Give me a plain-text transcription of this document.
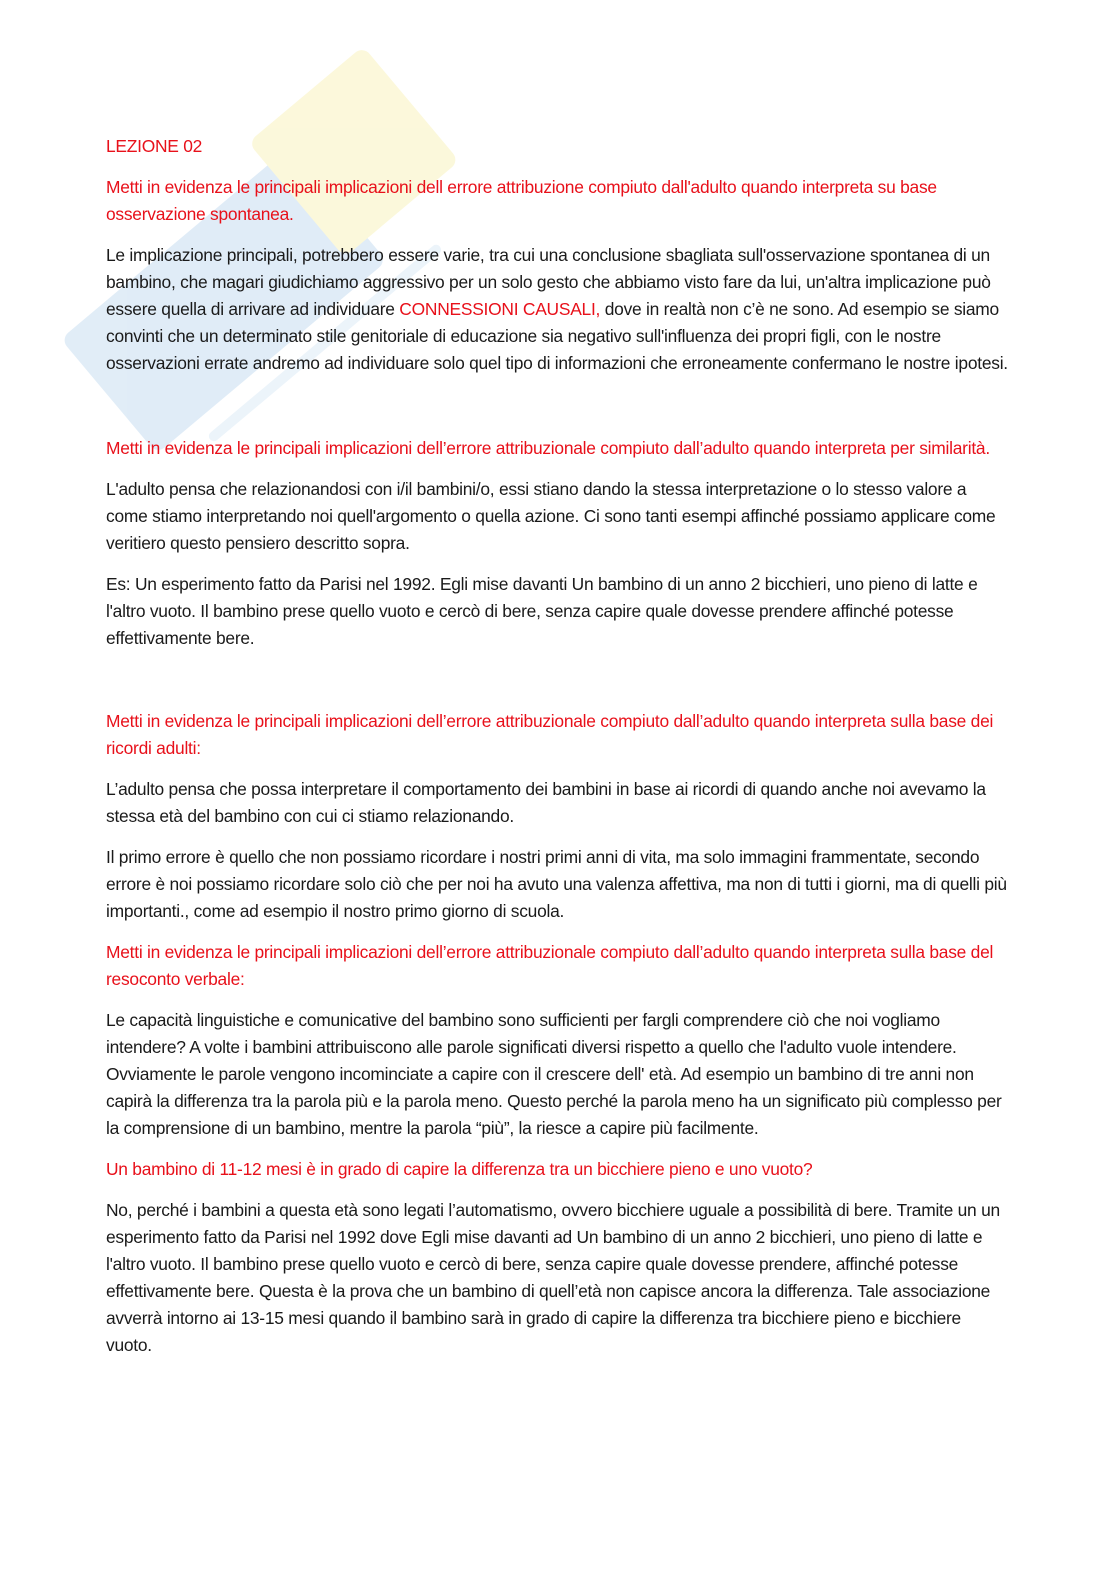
LEZIONE 02

Metti in evidenza le principali implicazioni dell errore attribuzione compiuto dall'adulto quando interpreta su base osservazione spontanea.

Le implicazione principali, potrebbero essere varie, tra cui una conclusione sbagliata sull'osservazione spontanea di un bambino, che magari giudichiamo aggressivo per un solo gesto che abbiamo visto fare da lui, un'altra implicazione può essere quella di arrivare ad individuare CONNESSIONI CAUSALI, dove in realtà non c’è ne sono. Ad esempio se siamo convinti che un determinato stile genitoriale di educazione sia negativo sull'influenza dei propri figli, con le nostre osservazioni errate andremo ad individuare solo quel tipo di informazioni che erroneamente confermano le nostre ipotesi.

Metti in evidenza le principali implicazioni dell’errore attribuzionale compiuto dall’adulto quando interpreta per similarità.

L'adulto pensa che relazionandosi con i/il bambini/o, essi stiano dando la stessa interpretazione o lo stesso valore a come stiamo interpretando noi quell'argomento o quella azione. Ci sono tanti esempi affinché possiamo applicare come veritiero questo pensiero descritto sopra.

Es: Un esperimento fatto da Parisi nel 1992. Egli mise davanti Un bambino di un anno 2 bicchieri, uno pieno di latte e l'altro vuoto. Il bambino prese quello vuoto e cercò di bere, senza capire quale dovesse prendere affinché potesse effettivamente bere.

Metti in evidenza le principali implicazioni dell’errore attribuzionale compiuto dall’adulto quando interpreta sulla base dei ricordi adulti:

L’adulto pensa che possa interpretare il comportamento dei bambini in base ai ricordi di quando anche noi avevamo la stessa età del bambino con cui ci stiamo relazionando.

Il primo errore è quello che non possiamo ricordare i nostri primi anni di vita, ma solo immagini frammentate, secondo errore è noi possiamo ricordare solo ciò che per noi ha avuto una valenza affettiva, ma non di tutti i giorni, ma di quelli più importanti., come ad esempio il nostro primo giorno di scuola.

Metti in evidenza le principali implicazioni dell’errore attribuzionale compiuto dall’adulto quando interpreta sulla base del resoconto verbale:

Le capacità linguistiche e comunicative del bambino sono sufficienti per fargli comprendere ciò che noi vogliamo intendere? A volte i bambini attribuiscono alle parole significati diversi rispetto a quello che l'adulto vuole intendere. Ovviamente le parole vengono incominciate a capire con il crescere dell' età. Ad esempio un bambino di tre anni non capirà la differenza tra la parola più e la parola meno. Questo perché la parola meno ha un significato più complesso per la comprensione di un bambino, mentre la parola “più”, la riesce a capire più facilmente.

Un bambino di 11-12 mesi è in grado di capire la differenza tra un bicchiere pieno e uno vuoto?

No, perché i bambini a questa età sono legati l’automatismo, ovvero bicchiere uguale a possibilità di bere. Tramite un un esperimento fatto da Parisi nel 1992 dove Egli mise davanti ad Un bambino di un anno 2 bicchieri, uno pieno di latte e l'altro vuoto. Il bambino prese quello vuoto e cercò di bere, senza capire quale dovesse prendere, affinché potesse effettivamente bere. Questa è la prova che un bambino di quell’età non capisce ancora la differenza. Tale associazione avverrà intorno ai 13-15 mesi quando il bambino sarà in grado di capire la differenza tra bicchiere pieno e bicchiere vuoto.
